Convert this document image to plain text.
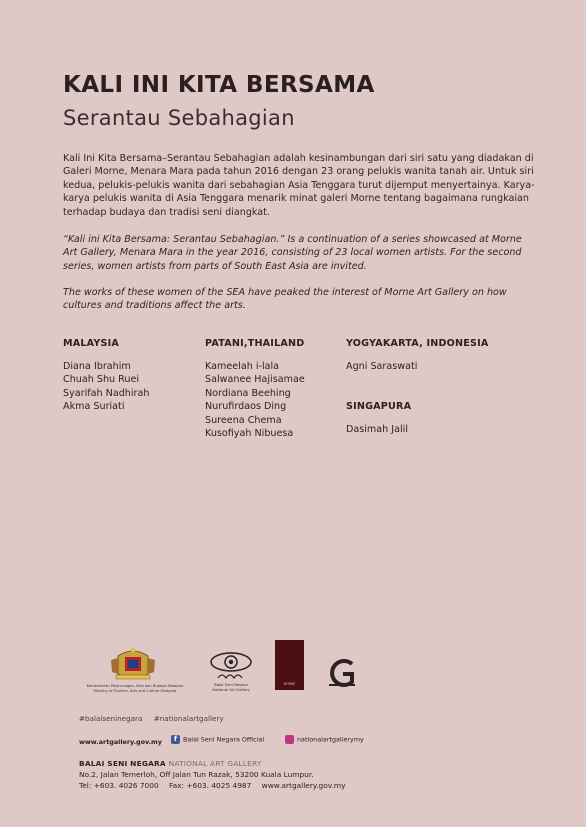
KALI INI KITA BERSAMA
Serantau Sebahagian

Kali Ini Kita Bersama–Serantau Sebahagian adalah kesinambungan dari siri satu yang diadakan di Galeri Morne, Menara Mara pada tahun 2016 dengan 23 orang pelukis wanita tanah air. Untuk siri kedua, pelukis-pelukis wanita dari sebahagian Asia Tenggara turut dijemput menyertainya. Karya-karya pelukis wanita di Asia Tenggara menarik minat galeri Morne tentang bagaimana rungkaian terhadap budaya dan tradisi seni diangkat.

“Kali ini Kita Bersama: Serantau Sebahagian.” Is a continuation of a series showcased at Morne Art Gallery, Menara Mara in the year 2016, consisting of 23 local women artists. For the second series, women artists from parts of South East Asia are invited.

The works of these women of the SEA have peaked the interest of Morne Art Gallery on how cultures and traditions affect the arts.

MALAYSIA
Diana Ibrahim
Chuah Shu Ruei
Syarifah Nadhirah
Akma Suriati
PATANI,THAILAND
Kameelah i-lala
Salwanee Hajisamae
Nordiana Beehing
Nurufirdaos Ding
Sureena Chema
Kusofiyah Nibuesa
YOGYAKARTA, INDONESIA
Agni Saraswati
SINGAPURA
Dasimah Jalil
Kementerian Pelancongan, Seni dan Budaya Malaysia
Ministry of Tourism, Arts and Culture Malaysia
Balai Seni Negara
National Art Gallery
MORNE
#balaiseninegara #nationalartgallery
www.artgallery.gov.my	f Balai Seni Negara Official	nationalartgallerymy
BALAI SENI NEGARA NATIONAL ART GALLERY
No.2, Jalan Temerloh, Off Jalan Tun Razak, 53200 Kuala Lumpur.
Tel: +603. 4026 7000 Fax: +603. 4025 4987 www.artgallery.gov.my
